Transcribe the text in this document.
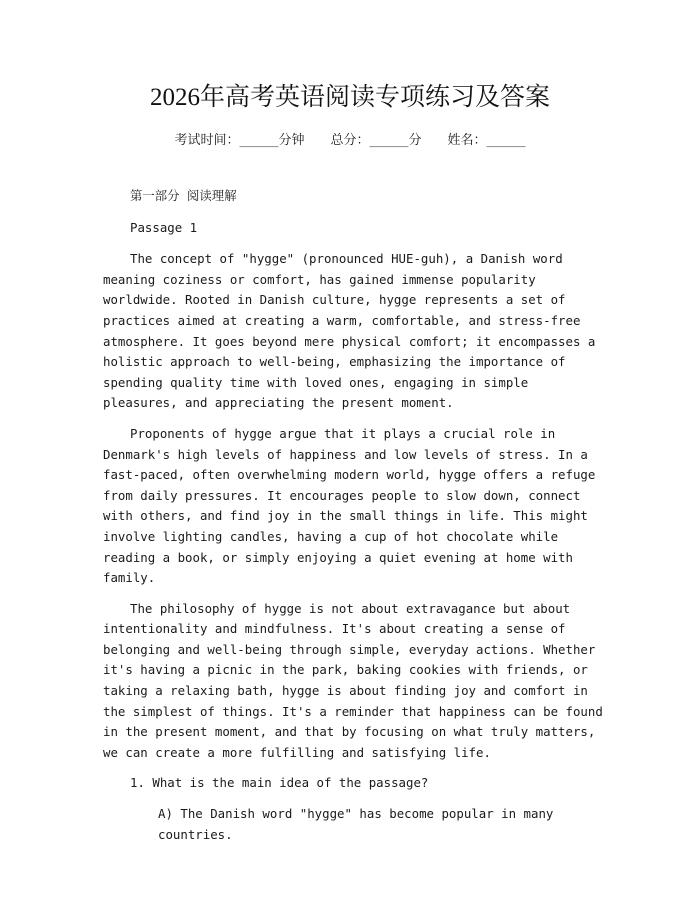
2026年高考英语阅读专项练习及答案
考试时间：______分钟 总分：______分 姓名：______
第一部分 阅读理解
Passage 1

The concept of "hygge" (pronounced HUE-guh), a Danish word meaning coziness or comfort, has gained immense popularity worldwide. Rooted in Danish culture, hygge represents a set of practices aimed at creating a warm, comfortable, and stress-free atmosphere. It goes beyond mere physical comfort; it encompasses a holistic approach to well-being, emphasizing the importance of spending quality time with loved ones, engaging in simple pleasures, and appreciating the present moment.

Proponents of hygge argue that it plays a crucial role in Denmark's high levels of happiness and low levels of stress. In a fast-paced, often overwhelming modern world, hygge offers a refuge from daily pressures. It encourages people to slow down, connect with others, and find joy in the small things in life. This might involve lighting candles, having a cup of hot chocolate while reading a book, or simply enjoying a quiet evening at home with family.

The philosophy of hygge is not about extravagance but about intentionality and mindfulness. It's about creating a sense of belonging and well-being through simple, everyday actions. Whether it's having a picnic in the park, baking cookies with friends, or taking a relaxing bath, hygge is about finding joy and comfort in the simplest of things. It's a reminder that happiness can be found in the present moment, and that by focusing on what truly matters, we can create a more fulfilling and satisfying life.

1. What is the main idea of the passage?
A) The Danish word "hygge" has become popular in many countries.
